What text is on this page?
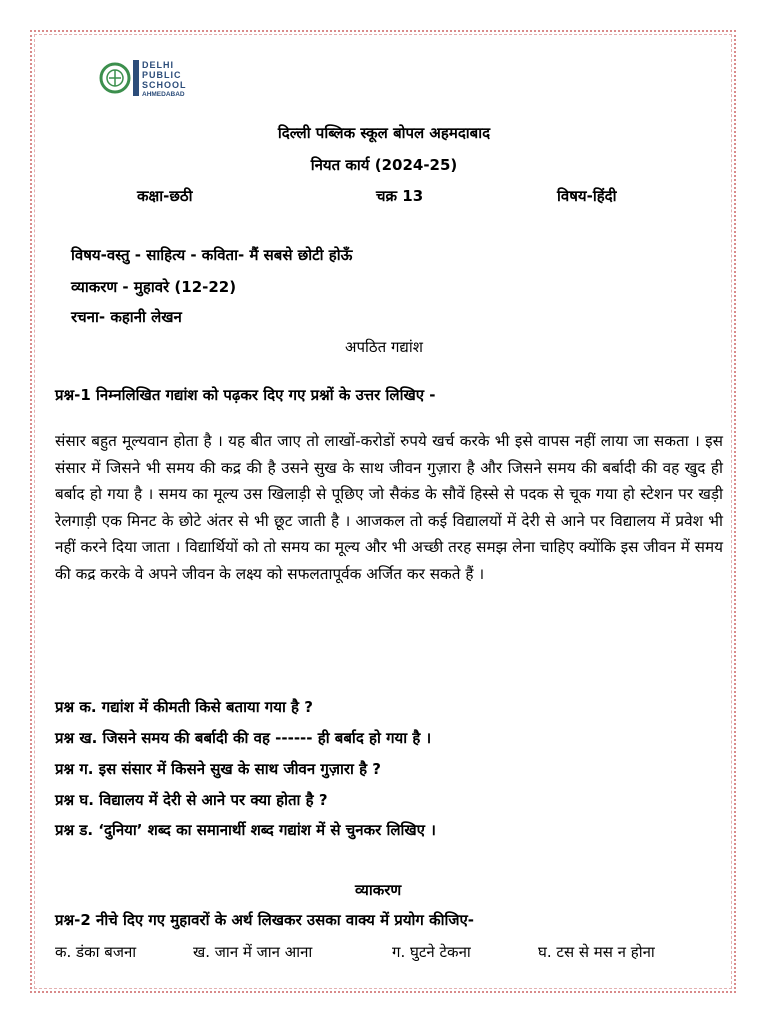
DELHI
PUBLIC
SCHOOL
AHMEDABAD
दिल्ली पब्लिक स्कूल बोपल अहमदाबाद
नियत कार्य (2024-25)
कक्षा-छठी	चक्र 13	विषय-हिंदी
विषय-वस्तु - साहित्य - कविता- मैं सबसे छोटी होऊँ
व्याकरण - मुहावरे (12-22)
रचना- कहानी लेखन
अपठित गद्यांश
प्रश्न-1 निम्नलिखित गद्यांश को पढ़कर दिए गए प्रश्नों के उत्तर लिखिए -

संसार बहुत मूल्यवान होता है । यह बीत जाए तो लाखों-करोडों रुपये खर्च करके भी इसे वापस नहीं लाया जा सकता । इस संसार में जिसने भी समय की कद्र की है उसने सुख के साथ जीवन गुज़ारा है और जिसने समय की बर्बादी की वह खुद ही बर्बाद हो गया है । समय का मूल्य उस खिलाड़ी से पूछिए जो सैकंड के सौवें हिस्से से पदक से चूक गया हो स्टेशन पर खड़ी रेलगाड़ी एक मिनट के छोटे अंतर से भी छूट जाती है । आजकल तो कई विद्यालयों में देरी से आने पर विद्यालय में प्रवेश भी नहीं करने दिया जाता । विद्यार्थियों को तो समय का मूल्य और भी अच्छी तरह समझ लेना चाहिए क्योंकि इस जीवन में समय की कद्र करके वे अपने जीवन के लक्ष्य को सफलतापूर्वक अर्जित कर सकते हैं ।

प्रश्न क. गद्यांश में कीमती किसे बताया गया है ?
प्रश्न ख. जिसने समय की बर्बादी की वह ------ ही बर्बाद हो गया है ।
प्रश्न ग. इस संसार में किसने सुख के साथ जीवन गुज़ारा है ?
प्रश्न घ. विद्यालय में देरी से आने पर क्या होता है ?
प्रश्न ड. ‘दुनिया’ शब्द का समानार्थी शब्द गद्यांश में से चुनकर लिखिए ।
व्याकरण
प्रश्न-2 नीचे दिए गए मुहावरों के अर्थ लिखकर उसका वाक्य में प्रयोग कीजिए-
क. डंका बजना	ख. जान में जान आना	ग. घुटने टेकना	घ. टस से मस न होना
